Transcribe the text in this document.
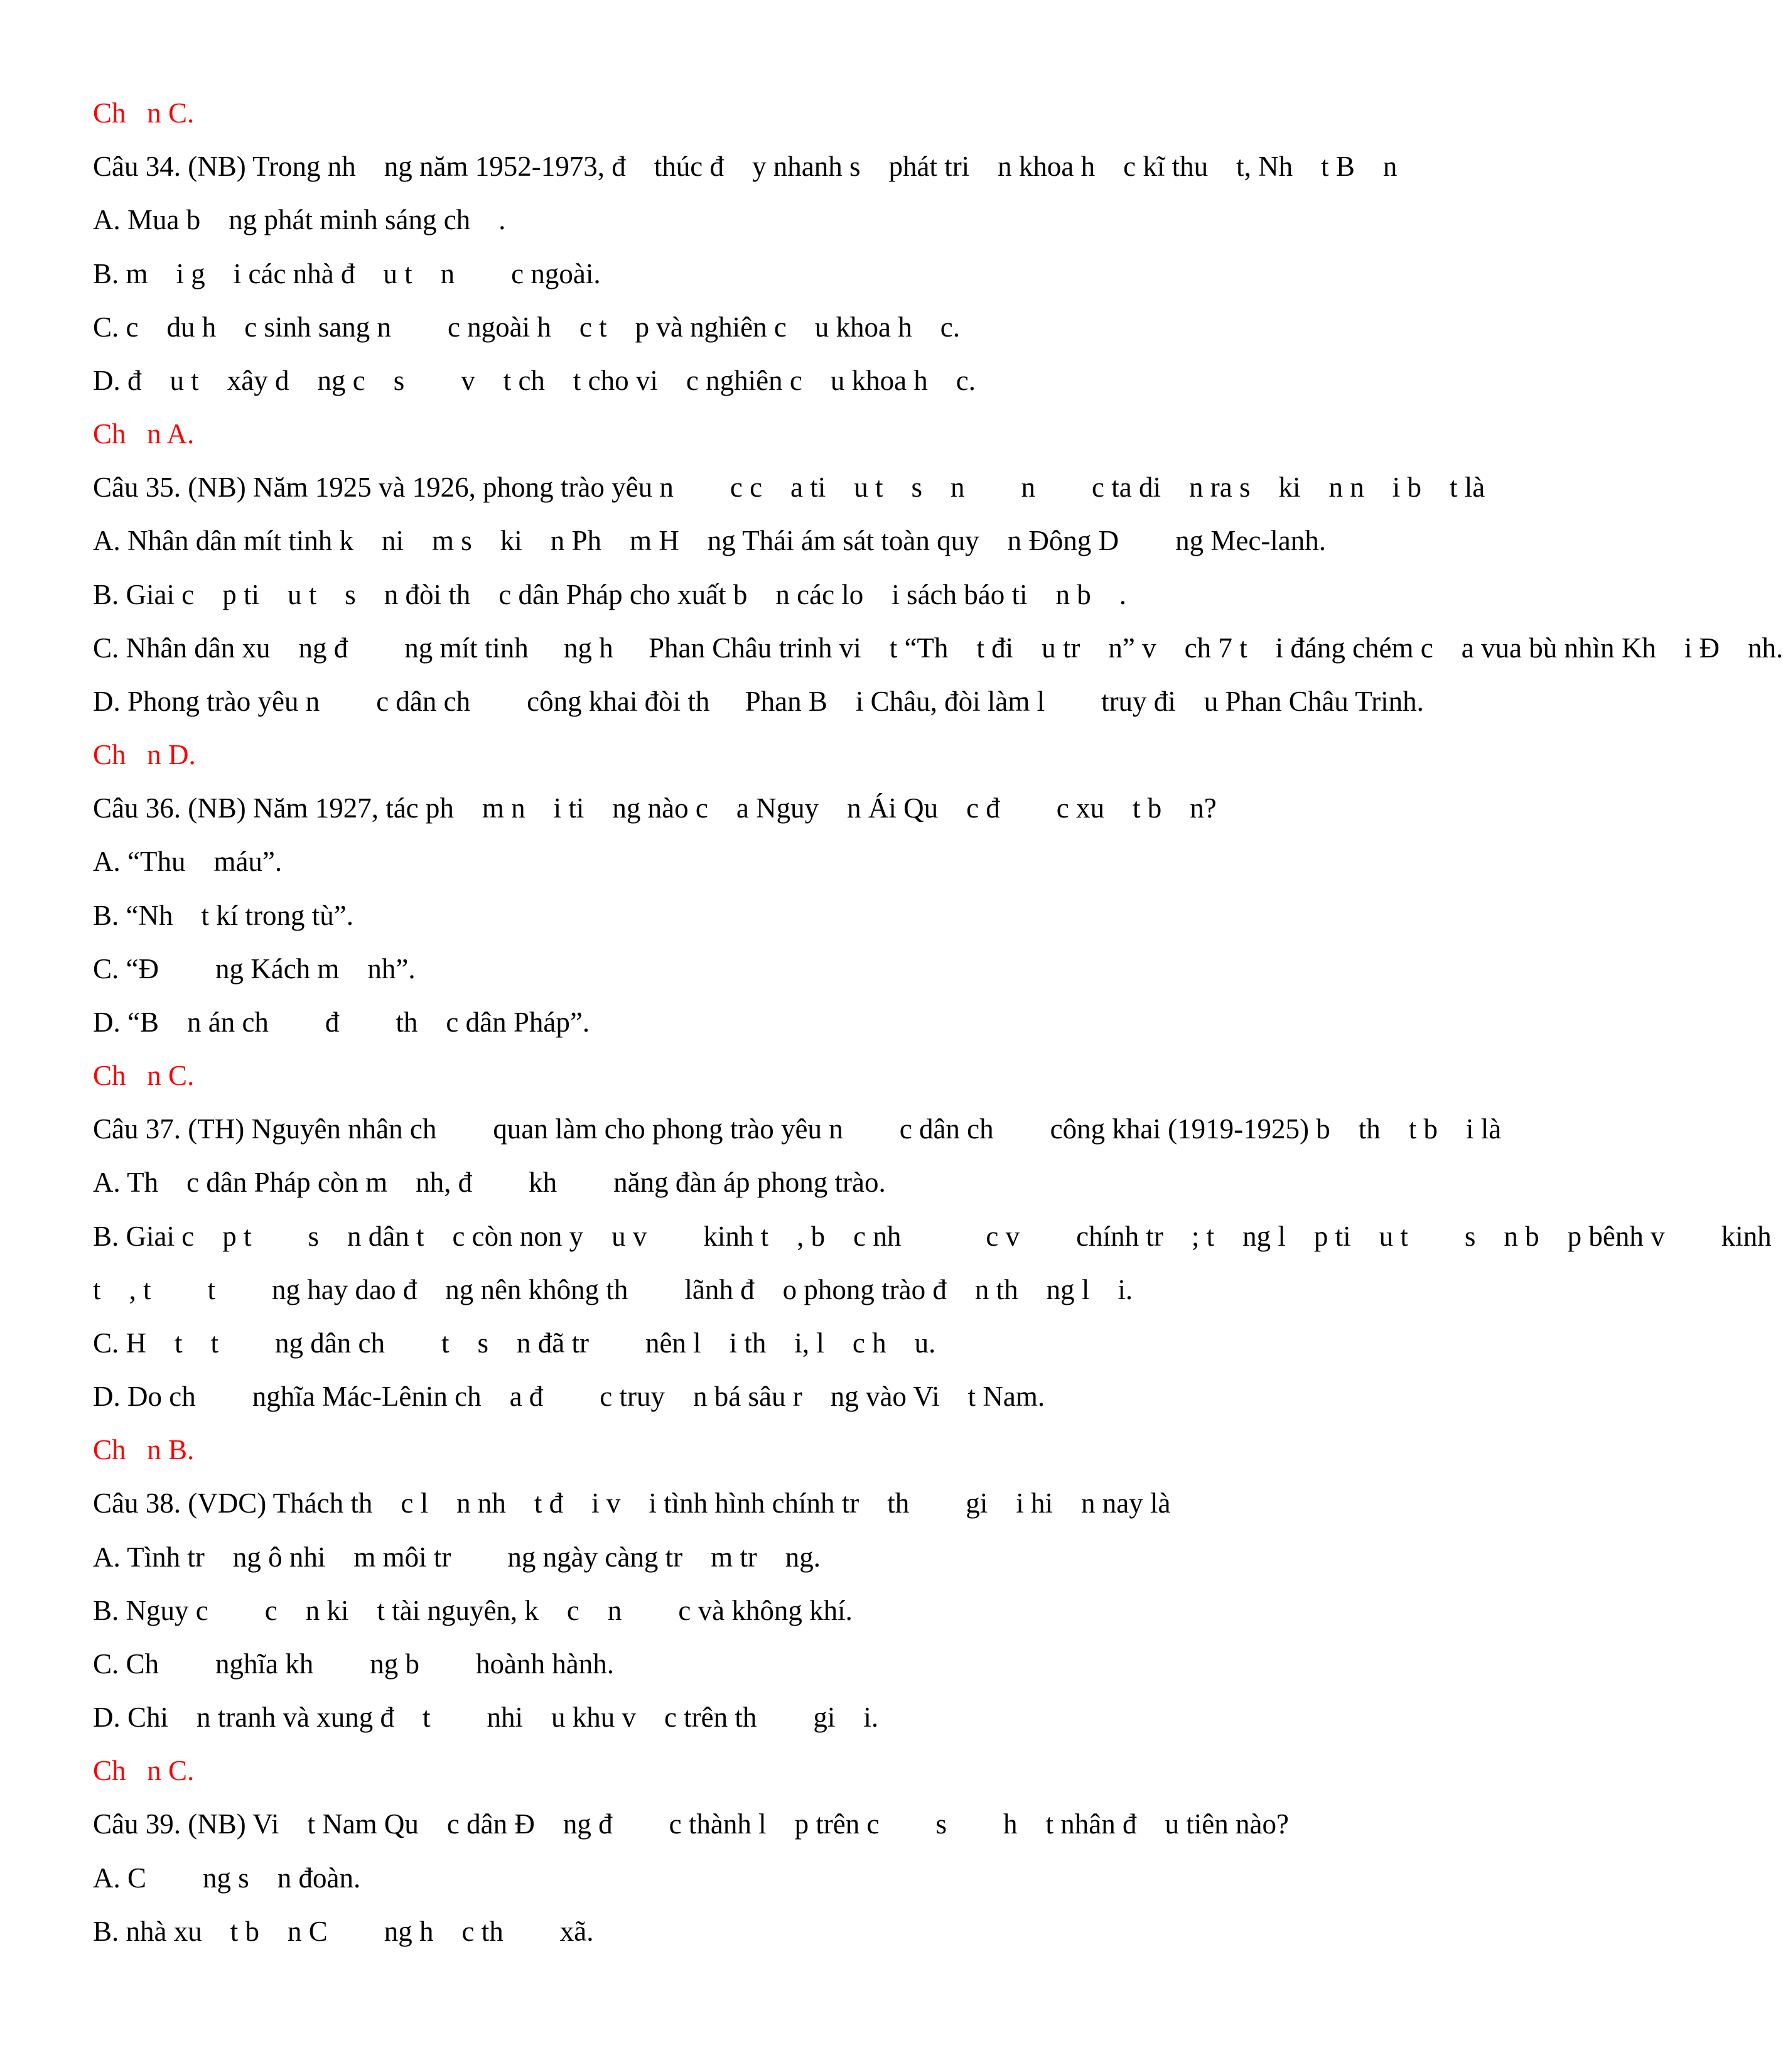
Ch   n C.

Câu 34. (NB) Trong nh    ng năm 1952-1973, đ    thúc đ    y nhanh s    phát tri    n khoa h    c kĩ thu    t, Nh    t B    n

A. Mua b    ng phát minh sáng ch    .

B. m    i g    i các nhà đ    u t    n        c ngoài.

C. c    du h    c sinh sang n        c ngoài h    c t    p và nghiên c    u khoa h    c.

D. đ    u t    xây d    ng c    s        v    t ch    t cho vi    c nghiên c    u khoa h    c.

Ch   n A.

Câu 35. (NB) Năm 1925 và 1926, phong trào yêu n        c c    a ti    u t    s    n        n        c ta di    n ra s    ki    n n    i b    t là

A. Nhân dân mít tinh k    ni    m s    ki    n Ph    m H    ng Thái ám sát toàn quy    n Đông D        ng Mec-lanh.

B. Giai c    p ti    u t    s    n đòi th    c dân Pháp cho xuất b    n các lo    i sách báo ti    n b    .

C. Nhân dân xu    ng đ        ng mít tinh     ng h     Phan Châu trinh vi    t “Th    t đi    u tr    n” v    ch 7 t    i đáng chém c    a vua bù nhìn Kh    i Đ    nh.

D. Phong trào yêu n        c dân ch        công khai đòi th     Phan B    i Châu, đòi làm l        truy đi    u Phan Châu Trinh.

Ch   n D.

Câu 36. (NB) Năm 1927, tác ph    m n    i ti    ng nào c    a Nguy    n Ái Qu    c đ        c xu    t b    n?

A. “Thu    máu”.

B. “Nh    t kí trong tù”.

C. “Đ        ng Kách m    nh”.

D. “B    n án ch        đ        th    c dân Pháp”.

Ch   n C.

Câu 37. (TH) Nguyên nhân ch        quan làm cho phong trào yêu n        c dân ch        công khai (1919-1925) b    th    t b    i là

A. Th    c dân Pháp còn m    nh, đ        kh        năng đàn áp phong trào.

B. Giai c    p t        s    n dân t    c còn non y    u v        kinh t    , b    c nh            c v        chính tr    ; t    ng l    p ti    u t        s    n b    p bênh v        kinh

t    , t        t        ng hay dao đ    ng nên không th        lãnh đ    o phong trào đ    n th    ng l    i.

C. H    t    t        ng dân ch        t    s    n đã tr        nên l    i th    i, l    c h    u.

D. Do ch        nghĩa Mác-Lênin ch    a đ        c truy    n bá sâu r    ng vào Vi    t Nam.

Ch   n B.

Câu 38. (VDC) Thách th    c l    n nh    t đ    i v    i tình hình chính tr    th        gi    i hi    n nay là

A. Tình tr    ng ô nhi    m môi tr        ng ngày càng tr    m tr    ng.

B. Nguy c        c    n ki    t tài nguyên, k    c    n        c và không khí.

C. Ch        nghĩa kh        ng b        hoành hành.

D. Chi    n tranh và xung đ    t        nhi    u khu v    c trên th        gi    i.

Ch   n C.

Câu 39. (NB) Vi    t Nam Qu    c dân Đ    ng đ        c thành l    p trên c        s        h    t nhân đ    u tiên nào?

A. C        ng s    n đoàn.

B. nhà xu    t b    n C        ng h    c th        xã.
